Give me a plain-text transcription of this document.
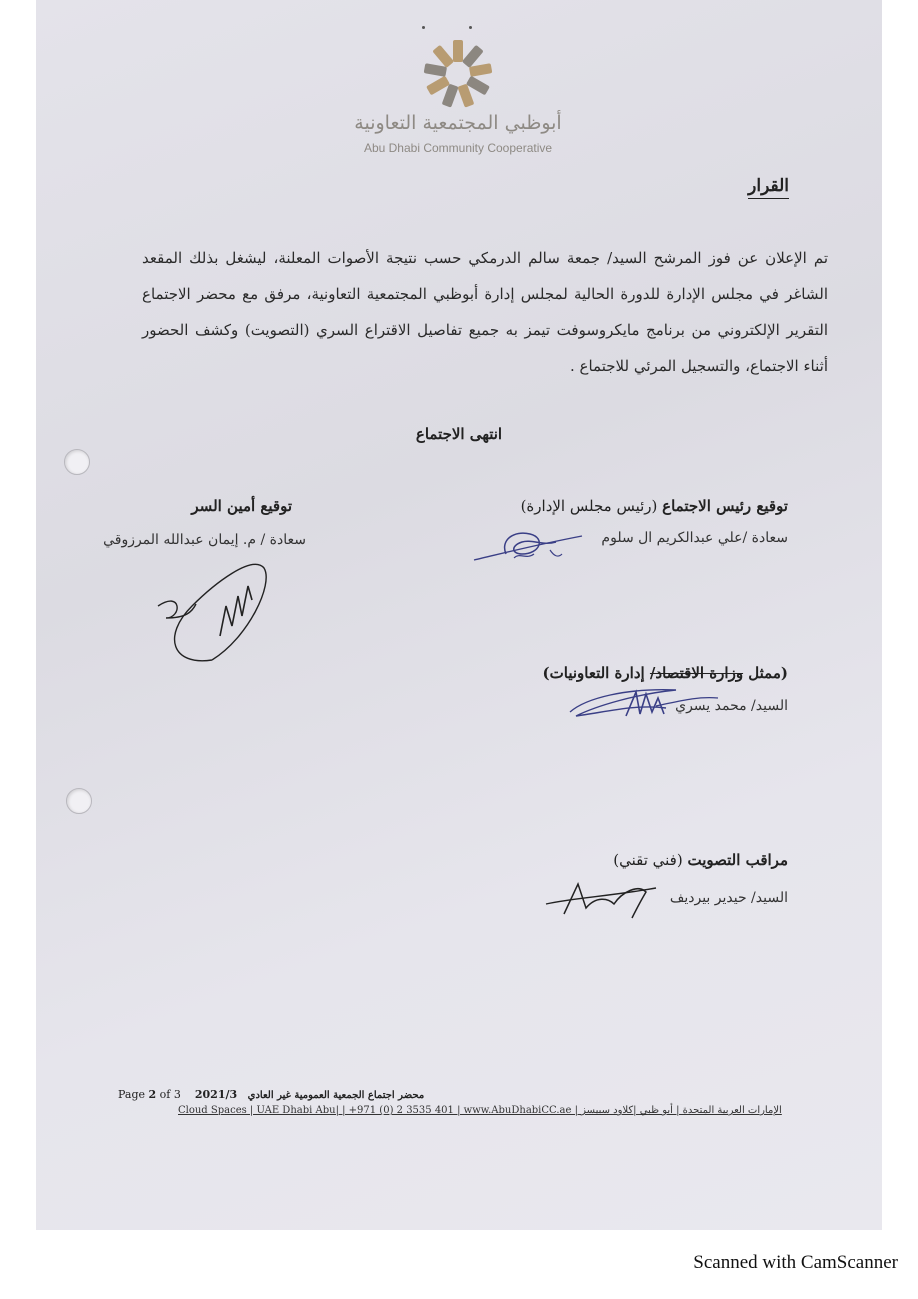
أبوظبي المجتمعية التعاونية
Abu Dhabi Community Cooperative
القرار
تم الإعلان عن فوز المرشح السيد/ جمعة سالم الدرمكي حسب نتيجة الأصوات المعلنة، ليشغل بذلك المقعد الشاغر في مجلس الإدارة للدورة الحالية لمجلس إدارة أبوظبي المجتمعية التعاونية، مرفق مع محضر الاجتماع التقرير الإلكتروني من برنامج مايكروسوفت تيمز به جميع تفاصيل الاقتراع السري (التصويت) وكشف الحضور أثناء الاجتماع، والتسجيل المرئي للاجتماع .
انتهى الاجتماع
توقيع رئيس الاجتماع (رئيس مجلس الإدارة)
سعادة /علي عبدالكريم ال سلوم
توقيع أمين السر
سعادة / م. إيمان عبدالله المرزوقي
(ممثل وزارة الاقتصاد/ إدارة التعاونيات)
السيد/ محمد يسري
مراقب التصويت (فني تقني)
السيد/ حيدير بيرديف
Page 2 of 3 2021/3 محضر اجتماع الجمعية العمومية غير العادي
Cloud Spaces | UAE Dhabi Abu| | +971 (0) 2 3535 401 | www.AbuDhabiCC.ae | الإمارات العربية المتحدة | أبو ظبي |كلاود سبيسز
Scanned with CamScanner
